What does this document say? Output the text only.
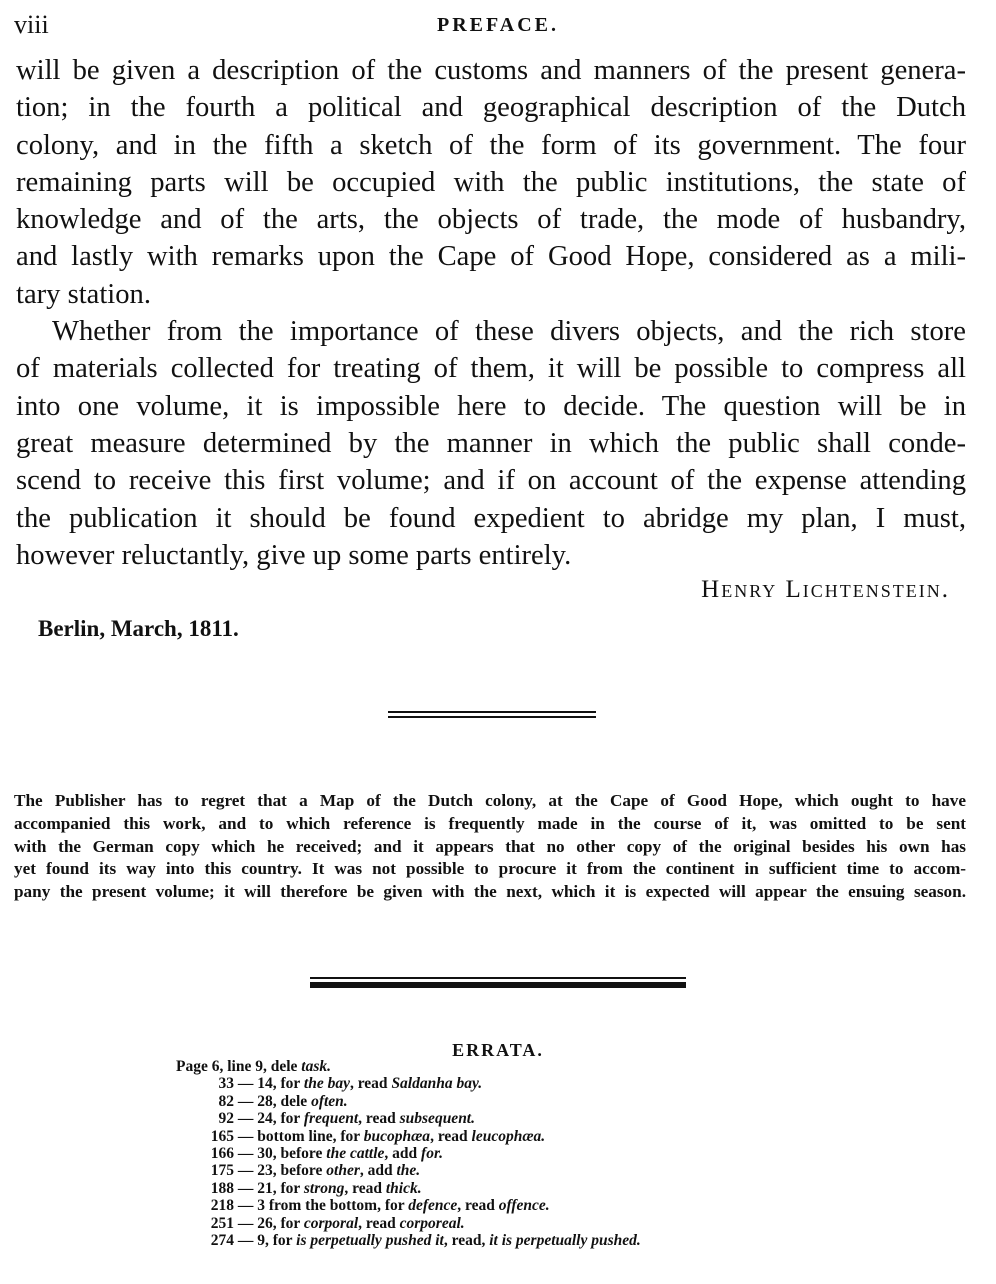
viii	PREFACE.
will be given a description of the customs and manners of the present genera-
tion; in the fourth a political and geographical description of the Dutch
colony, and in the fifth a sketch of the form of its government. The four
remaining parts will be occupied with the public institutions, the state of
knowledge and of the arts, the objects of trade, the mode of husbandry,
and lastly with remarks upon the Cape of Good Hope, considered as a mili-
tary station.
Whether from the importance of these divers objects, and the rich store
of materials collected for treating of them, it will be possible to compress all
into one volume, it is impossible here to decide. The question will be in
great measure determined by the manner in which the public shall conde-
scend to receive this first volume; and if on account of the expense attending
the publication it should be found expedient to abridge my plan, I must,
however reluctantly, give up some parts entirely.
Henry Lichtenstein.
Berlin, March, 1811.
The Publisher has to regret that a Map of the Dutch colony, at the Cape of Good Hope, which ought to have
accompanied this work, and to which reference is frequently made in the course of it, was omitted to be sent
with the German copy which he received; and it appears that no other copy of the original besides his own has
yet found its way into this country. It was not possible to procure it from the continent in sufficient time to accom-
pany the present volume; it will therefore be given with the next, which it is expected will appear the ensuing season.
ERRATA.
Page 6, line 9, dele task.
33 — 14, for the bay, read Saldanha bay.
82 — 28, dele often.
92 — 24, for frequent, read subsequent.
165 — bottom line, for bucophæa, read leucophæa.
166 — 30, before the cattle, add for.
175 — 23, before other, add the.
188 — 21, for strong, read thick.
218 — 3 from the bottom, for defence, read offence.
251 — 26, for corporal, read corporeal.
274 — 9, for is perpetually pushed it, read, it is perpetually pushed.
